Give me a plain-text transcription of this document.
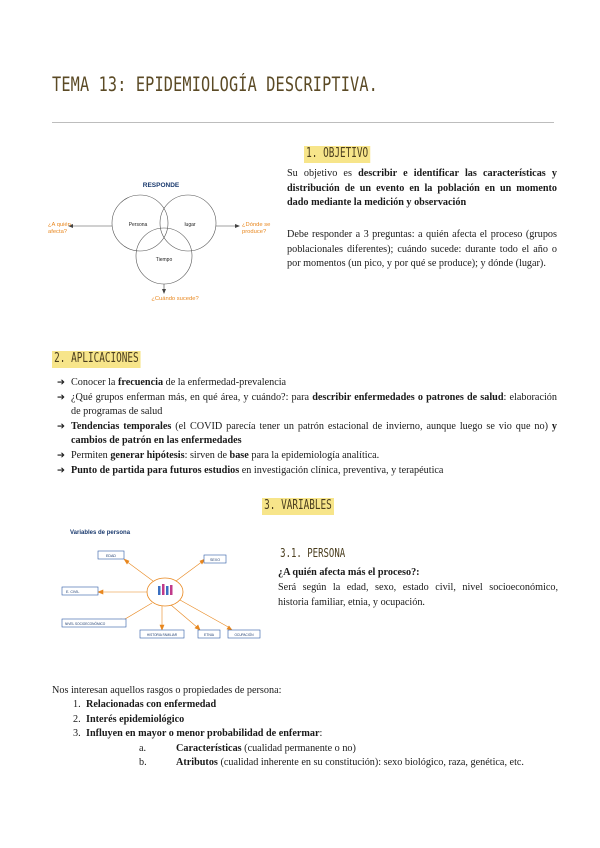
TEMA 13: EPIDEMIOLOGÍA DESCRIPTIVA.
1. OBJETIVO
RESPONDE
Persona	lugar
Tiempo
¿A quién
afecta?
¿Dónde se
produce?
¿Cuándo sucede?
Su objetivo es describir e identificar las características y distribución de un evento en la población en un momento dado mediante la medición y observación
Debe responder a 3 preguntas: a quién afecta el proceso (grupos poblacionales diferentes); cuándo sucede: durante todo el año o por momentos (un pico, y por qué se produce); y dónde (lugar).
2. APLICACIONES
➔ Conocer la frecuencia de la enfermedad-prevalencia
➔ ¿Qué grupos enferman más, en qué área, y cuándo?: para describir enfermedades o patrones de salud: elaboración de programas de salud
➔ Tendencias temporales (el COVID parecía tener un patrón estacional de invierno, aunque luego se vio que no) y cambios de patrón en las enfermedades
➔ Permiten generar hipótesis: sirven de base para la epidemiología analítica.
➔ Punto de partida para futuros estudios en investigación clínica, preventiva, y terapéutica
3. VARIABLES
Variables de persona
EDAD
SEXO
E. CIVIL
NIVEL SOCIOECONÓMICO
HISTORIA FAMILIAR	ETNIA	OCUPACIÓN
3.1. PERSONA
¿A quién afecta más el proceso?:
Será según la edad, sexo, estado civil, nivel socioeconómico, historia familiar, etnia, y ocupación.
Nos interesan aquellos rasgos o propiedades de persona:
1. Relacionadas con enfermedad
2. Interés epidemiológico
3. Influyen en mayor o menor probabilidad de enfermar:
a.	Características (cualidad permanente o no)
b.	Atributos (cualidad inherente en su constitución): sexo biológico, raza, genética, etc.
